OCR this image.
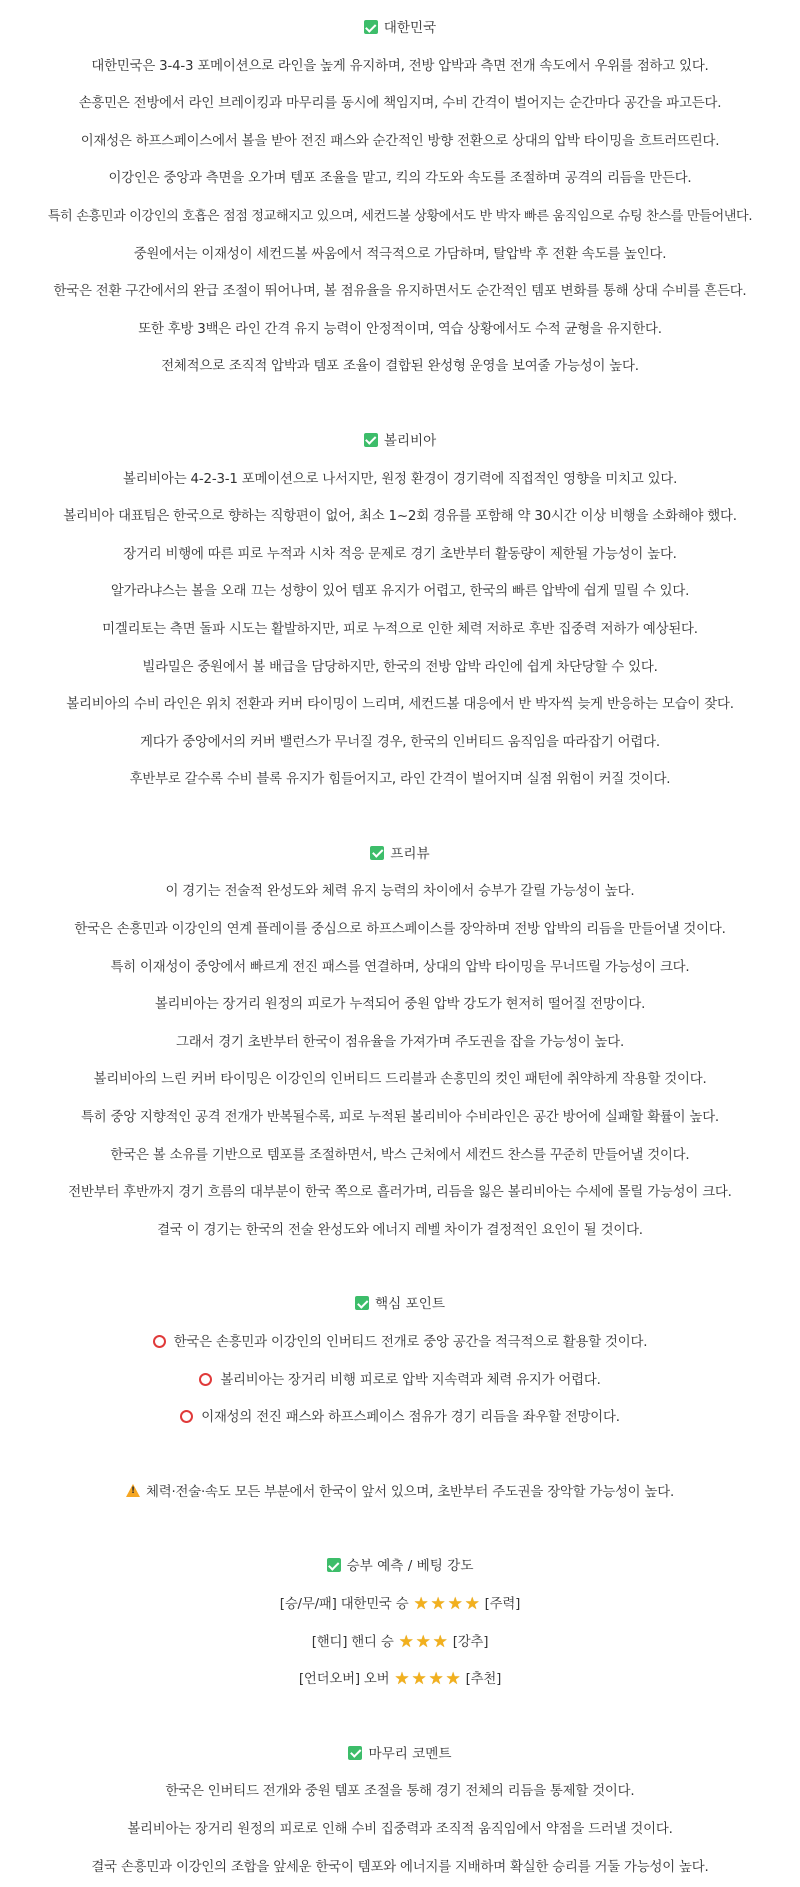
대한민국
대한민국은 3-4-3 포메이션으로 라인을 높게 유지하며, 전방 압박과 측면 전개 속도에서 우위를 점하고 있다.
손흥민은 전방에서 라인 브레이킹과 마무리를 동시에 책임지며, 수비 간격이 벌어지는 순간마다 공간을 파고든다.
이재성은 하프스페이스에서 볼을 받아 전진 패스와 순간적인 방향 전환으로 상대의 압박 타이밍을 흐트러뜨린다.
이강인은 중앙과 측면을 오가며 템포 조율을 맡고, 킥의 각도와 속도를 조절하며 공격의 리듬을 만든다.
특히 손흥민과 이강인의 호흡은 점점 정교해지고 있으며, 세컨드볼 상황에서도 반 박자 빠른 움직임으로 슈팅 찬스를 만들어낸다.
중원에서는 이재성이 세컨드볼 싸움에서 적극적으로 가담하며, 탈압박 후 전환 속도를 높인다.
한국은 전환 구간에서의 완급 조절이 뛰어나며, 볼 점유율을 유지하면서도 순간적인 템포 변화를 통해 상대 수비를 흔든다.
또한 후방 3백은 라인 간격 유지 능력이 안정적이며, 역습 상황에서도 수적 균형을 유지한다.
전체적으로 조직적 압박과 템포 조율이 결합된 완성형 운영을 보여줄 가능성이 높다.
볼리비아
볼리비아는 4-2-3-1 포메이션으로 나서지만, 원정 환경이 경기력에 직접적인 영향을 미치고 있다.
볼리비아 대표팀은 한국으로 향하는 직항편이 없어, 최소 1~2회 경유를 포함해 약 30시간 이상 비행을 소화해야 했다.
장거리 비행에 따른 피로 누적과 시차 적응 문제로 경기 초반부터 활동량이 제한될 가능성이 높다.
알가라냐스는 볼을 오래 끄는 성향이 있어 템포 유지가 어렵고, 한국의 빠른 압박에 쉽게 밀릴 수 있다.
미겔리토는 측면 돌파 시도는 활발하지만, 피로 누적으로 인한 체력 저하로 후반 집중력 저하가 예상된다.
빌라밀은 중원에서 볼 배급을 담당하지만, 한국의 전방 압박 라인에 쉽게 차단당할 수 있다.
볼리비아의 수비 라인은 위치 전환과 커버 타이밍이 느리며, 세컨드볼 대응에서 반 박자씩 늦게 반응하는 모습이 잦다.
게다가 중앙에서의 커버 밸런스가 무너질 경우, 한국의 인버티드 움직임을 따라잡기 어렵다.
후반부로 갈수록 수비 블록 유지가 힘들어지고, 라인 간격이 벌어지며 실점 위험이 커질 것이다.
프리뷰
이 경기는 전술적 완성도와 체력 유지 능력의 차이에서 승부가 갈릴 가능성이 높다.
한국은 손흥민과 이강인의 연계 플레이를 중심으로 하프스페이스를 장악하며 전방 압박의 리듬을 만들어낼 것이다.
특히 이재성이 중앙에서 빠르게 전진 패스를 연결하며, 상대의 압박 타이밍을 무너뜨릴 가능성이 크다.
볼리비아는 장거리 원정의 피로가 누적되어 중원 압박 강도가 현저히 떨어질 전망이다.
그래서 경기 초반부터 한국이 점유율을 가져가며 주도권을 잡을 가능성이 높다.
볼리비아의 느린 커버 타이밍은 이강인의 인버티드 드리블과 손흥민의 컷인 패턴에 취약하게 작용할 것이다.
특히 중앙 지향적인 공격 전개가 반복될수록, 피로 누적된 볼리비아 수비라인은 공간 방어에 실패할 확률이 높다.
한국은 볼 소유를 기반으로 템포를 조절하면서, 박스 근처에서 세컨드 찬스를 꾸준히 만들어낼 것이다.
전반부터 후반까지 경기 흐름의 대부분이 한국 쪽으로 흘러가며, 리듬을 잃은 볼리비아는 수세에 몰릴 가능성이 크다.
결국 이 경기는 한국의 전술 완성도와 에너지 레벨 차이가 결정적인 요인이 될 것이다.
핵심 포인트
한국은 손흥민과 이강인의 인버티드 전개로 중앙 공간을 적극적으로 활용할 것이다.
볼리비아는 장거리 비행 피로로 압박 지속력과 체력 유지가 어렵다.
이재성의 전진 패스와 하프스페이스 점유가 경기 리듬을 좌우할 전망이다.
!체력·전술·속도 모든 부분에서 한국이 앞서 있으며, 초반부터 주도권을 장악할 가능성이 높다.
승부 예측 / 베팅 강도
[승/무/패] 대한민국 승 ★ ★ ★ ★ [주력]
[핸디] 핸디 승 ★ ★ ★ [강추]
[언더오버] 오버 ★ ★ ★ ★ [추천]
마무리 코멘트
한국은 인버티드 전개와 중원 템포 조절을 통해 경기 전체의 리듬을 통제할 것이다.
볼리비아는 장거리 원정의 피로로 인해 수비 집중력과 조직적 움직임에서 약점을 드러낼 것이다.
결국 손흥민과 이강인의 조합을 앞세운 한국이 템포와 에너지를 지배하며 확실한 승리를 거둘 가능성이 높다.
